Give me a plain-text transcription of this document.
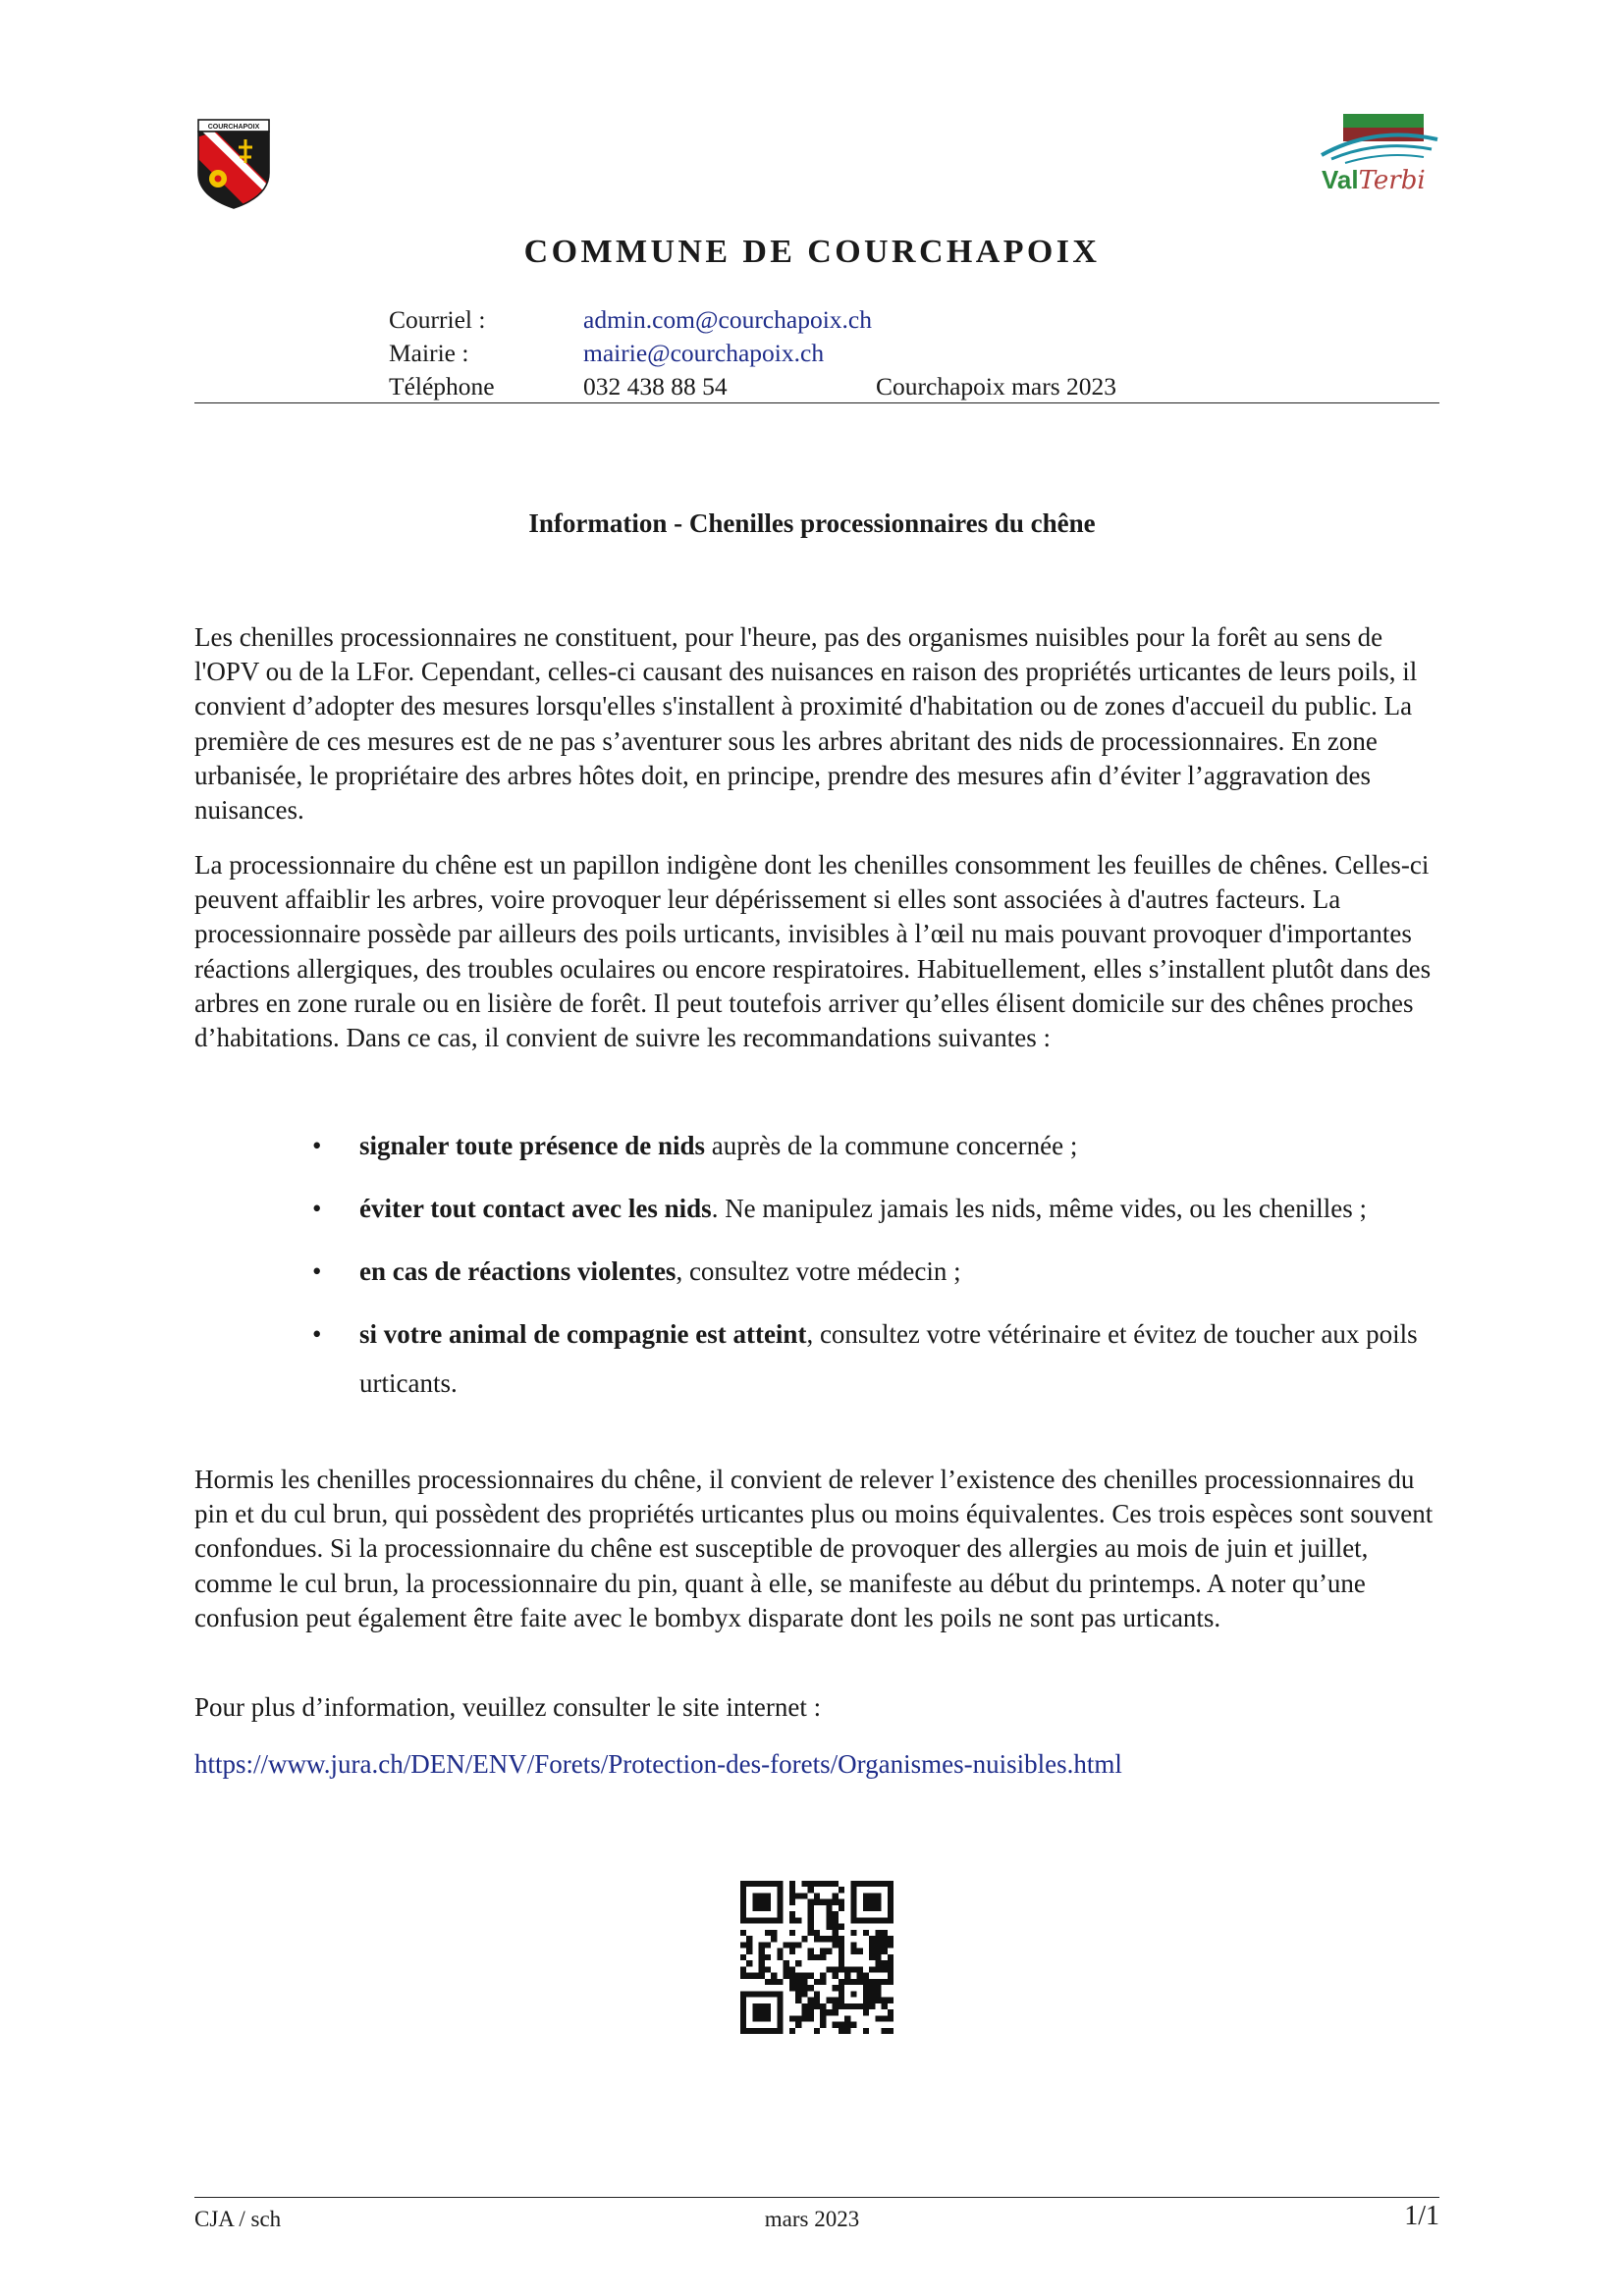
COURCHAPOIX
ValTerbi
COMMUNE DE COURCHAPOIX
Courriel :	admin.com@courchapoix.ch
Mairie :	mairie@courchapoix.ch
Téléphone	032 438 88 54	Courchapoix mars 2023
Information - Chenilles processionnaires du chêne
Les chenilles processionnaires ne constituent, pour l'heure, pas des organismes nuisibles pour la forêt au sens de l'OPV ou de la LFor. Cependant, celles-ci causant des nuisances en raison des propriétés urticantes de leurs poils, il convient d’adopter des mesures lorsqu'elles s'installent à proximité d'habitation ou de zones d'accueil du public. La première de ces mesures est de ne pas s’aventurer sous les arbres abritant des nids de processionnaires. En zone urbanisée, le propriétaire des arbres hôtes doit, en principe, prendre des mesures afin d’éviter l’aggravation des nuisances.
La processionnaire du chêne est un papillon indigène dont les chenilles consomment les feuilles de chênes. Celles-ci peuvent affaiblir les arbres, voire provoquer leur dépérissement si elles sont associées à d'autres facteurs. La processionnaire possède par ailleurs des poils urticants, invisibles à l’œil nu mais pouvant provoquer d'importantes réactions allergiques, des troubles oculaires ou encore respiratoires. Habituellement, elles s’installent plutôt dans des arbres en zone rurale ou en lisière de forêt. Il peut toutefois arriver qu’elles élisent domicile sur des chênes proches d’habitations. Dans ce cas, il convient de suivre les recommandations suivantes :
• signaler toute présence de nids auprès de la commune concernée ;
• éviter tout contact avec les nids. Ne manipulez jamais les nids, même vides, ou les chenilles ;
• en cas de réactions violentes, consultez votre médecin ;
• si votre animal de compagnie est atteint, consultez votre vétérinaire et évitez de toucher aux poils urticants.
Hormis les chenilles processionnaires du chêne, il convient de relever l’existence des chenilles processionnaires du pin et du cul brun, qui possèdent des propriétés urticantes plus ou moins équivalentes. Ces trois espèces sont souvent confondues. Si la processionnaire du chêne est susceptible de provoquer des allergies au mois de juin et juillet, comme le cul brun, la processionnaire du pin, quant à elle, se manifeste au début du printemps. A noter qu’une confusion peut également être faite avec le bombyx disparate dont les poils ne sont pas urticants.
Pour plus d’information, veuillez consulter le site internet :
https://www.jura.ch/DEN/ENV/Forets/Protection-des-forets/Organismes-nuisibles.html
CJA / sch	mars 2023	1/1
